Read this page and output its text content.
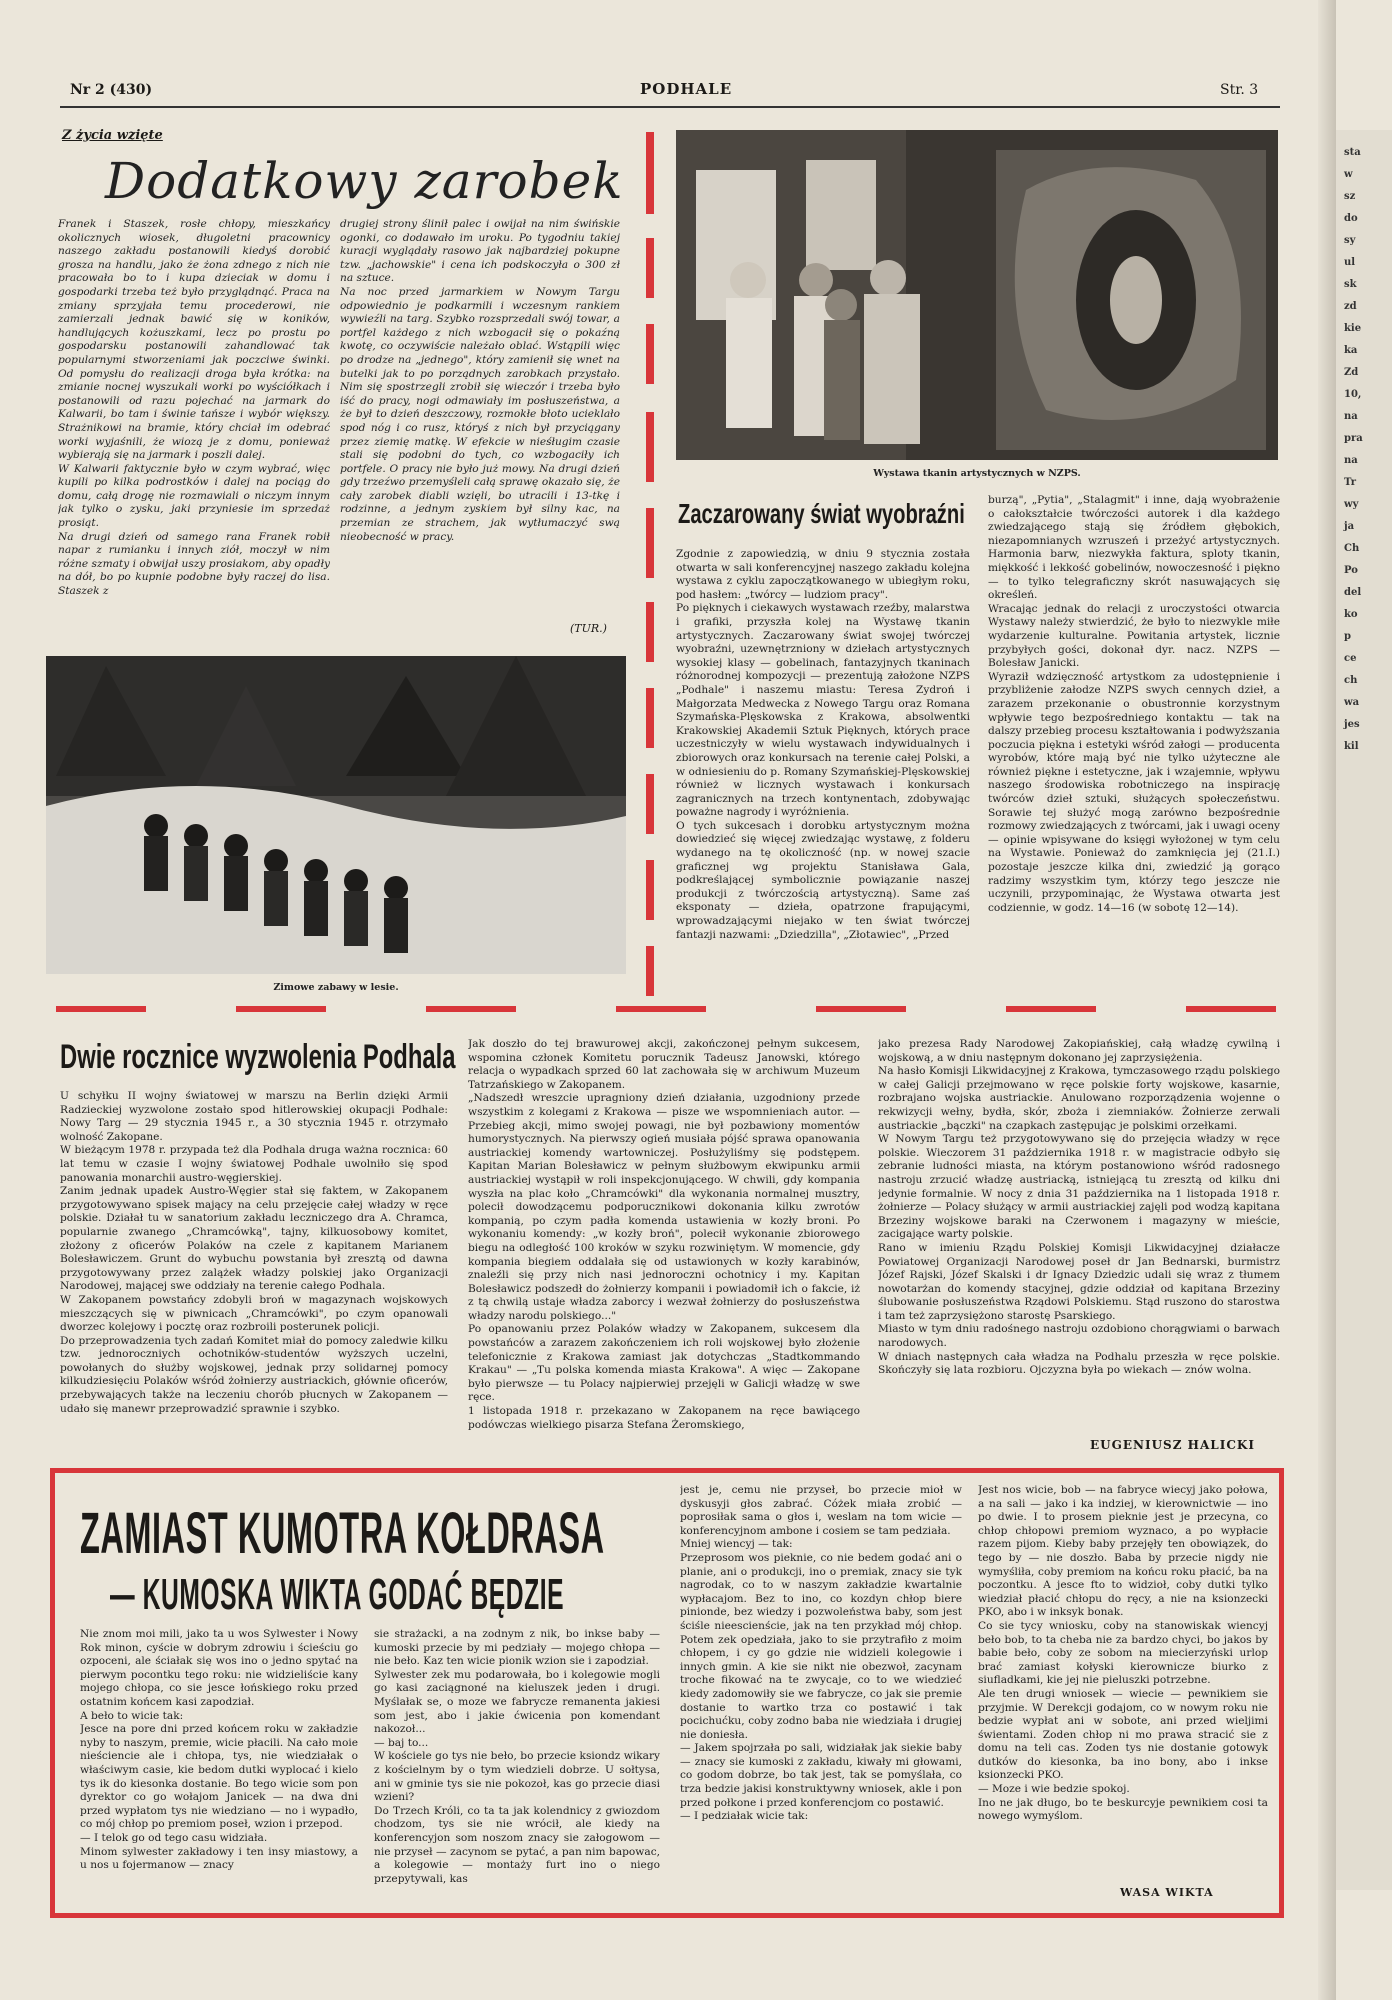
Nr 2 (430)	PODHALE	Str. 3
Z życia wzięte
Dodatkowy zarobek
Franek i Staszek, rosłe chłopy, mieszkańcy okolicznych wiosek, długoletni pracownicy naszego zakładu postanowili kiedyś dorobić grosza na handlu, jako że żona zdnego z nich nie pracowała bo to i kupa dzieciak w domu i gospodarki trzeba też było przyglądnąć. Praca na zmiany sprzyjała temu procederowi, nie zamierzali jednak bawić się w koników, handlujących kożuszkami, lecz po prostu po gospodarsku postanowili zahandlować tak popularnymi stworzeniami jak poczciwe świnki. Od pomysłu do realizacji droga była krótka: na zmianie nocnej wyszukali worki po wyściółkach i postanowili od razu pojechać na jarmark do Kalwarii, bo tam i świnie tańsze i wybór większy. Strażnikowi na bramie, który chciał im odebrać worki wyjaśnili, że wiozą je z domu, ponieważ wybierają się na jarmark i poszli dalej.
W Kalwarii faktycznie było w czym wybrać, więc kupili po kilka podrostków i dalej na pociąg do domu, całą drogę nie rozmawiali o niczym innym jak tylko o zysku, jaki przyniesie im sprzedaż prosiąt.
Na drugi dzień od samego rana Franek robił napar z rumianku i innych ziół, moczył w nim różne szmaty i obwijał uszy prosiakom, aby opadły na dół, bo po kupnie podobne były raczej do lisa. Staszek z
drugiej strony ślinił palec i owijał na nim świńskie ogonki, co dodawało im uroku. Po tygodniu takiej kuracji wyglądały rasowo jak najbardziej pokupne tzw. „jachowskie" i cena ich podskoczyła o 300 zł na sztuce.
Na noc przed jarmarkiem w Nowym Targu odpowiednio je podkarmili i wczesnym rankiem wywieźli na targ. Szybko rozsprzedali swój towar, a portfel każdego z nich wzbogacił się o pokaźną kwotę, co oczywiście należało oblać. Wstąpili więc po drodze na „jednego", który zamienił się wnet na butelki jak to po porządnych zarobkach przystało. Nim się spostrzegli zrobił się wieczór i trzeba było iść do pracy, nogi odmawiały im posłuszeństwa, a że był to dzień deszczowy, rozmokłe błoto ucieklało spod nóg i co rusz, któryś z nich był przyciągany przez ziemię matkę. W efekcie w nieśługim czasie stali się podobni do tych, co wzbogaciły ich portfele. O pracy nie było już mowy. Na drugi dzień gdy trzeźwo przemyśleli całą sprawę okazało się, że cały zarobek diabli wzięli, bo utracili i 13-tkę i rodzinne, a jednym zyskiem był silny kac, na przemian ze strachem, jak wytłumaczyć swą nieobecność w pracy.
(TUR.)
Wystawa tkanin artystycznych w NZPS.
Zaczarowany świat wyobraźni
Zgodnie z zapowiedzią, w dniu 9 stycznia została otwarta w sali konferencyjnej naszego zakładu kolejna wystawa z cyklu zapoczątkowanego w ubiegłym roku, pod hasłem: „twórcy — ludziom pracy".
Po pięknych i ciekawych wystawach rzeźby, malarstwa i grafiki, przyszła kolej na Wystawę tkanin artystycznych. Zaczarowany świat swojej twórczej wyobraźni, uzewnętrzniony w dziełach artystycznych wysokiej klasy — gobelinach, fantazyjnych tkaninach różnorodnej kompozycji — prezentują założone NZPS „Podhale" i naszemu miastu: Teresa Zydroń i Małgorzata Medwecka z Nowego Targu oraz Romana Szymańska-Plęskowska z Krakowa, absolwentki Krakowskiej Akademii Sztuk Pięknych, których prace uczestniczyły w wielu wystawach indywidualnych i zbiorowych oraz konkursach na terenie całej Polski, a w odniesieniu do p. Romany Szymańskiej-Plęskowskiej również w licznych wystawach i konkursach zagranicznych na trzech kontynentach, zdobywając poważne nagrody i wyróżnienia.
O tych sukcesach i dorobku artystycznym można dowiedzieć się więcej zwiedzając wystawę, z folderu wydanego na tę okoliczność (np. w nowej szacie graficznej wg projektu Stanisława Gala, podkreślającej symbolicznie powiązanie naszej produkcji z twórczością artystyczną). Same zaś eksponaty — dzieła, opatrzone frapującymi, wprowadzającymi niejako w ten świat twórczej fantazji nazwami: „Dziedzilla", „Złotawiec", „Przed
burzą", „Pytia", „Stalagmit" i inne, dają wyobrażenie o całokształcie twórczości autorek i dla każdego zwiedzającego stają się źródłem głębokich, niezapomnianych wzruszeń i przeżyć artystycznych. Harmonia barw, niezwykła faktura, sploty tkanin, miękkość i lekkość gobelinów, nowoczesność i piękno — to tylko telegraficzny skrót nasuwających się określeń.
Wracając jednak do relacji z uroczystości otwarcia Wystawy należy stwierdzić, że było to niezwykle miłe wydarzenie kulturalne. Powitania artystek, licznie przybyłych gości, dokonał dyr. nacz. NZPS — Bolesław Janicki.
Wyraził wdzięczność artystkom za udostępnienie i przybliżenie załodze NZPS swych cennych dzieł, a zarazem przekonanie o obustronnie korzystnym wpływie tego bezpośredniego kontaktu — tak na dalszy przebieg procesu kształtowania i podwyższania poczucia piękna i estetyki wśród załogi — producenta wyrobów, które mają być nie tylko użyteczne ale również piękne i estetyczne, jak i wzajemnie, wpływu naszego środowiska robotniczego na inspirację twórców dzieł sztuki, służących społeczeństwu. Sorawie tej służyć mogą zarówno bezpośrednie rozmowy zwiedzających z twórcami, jak i uwagi oceny — opinie wpisywane do księgi wyłożonej w tym celu na Wystawie. Ponieważ do zamknięcia jej (21.I.) pozostaje jeszcze kilka dni, zwiedzić ją gorąco radzimy wszystkim tym, którzy tego jeszcze nie uczynili, przypominając, że Wystawa otwarta jest codziennie, w godz. 14—16 (w sobotę 12—14).
Zimowe zabawy w lesie.
Dwie rocznice wyzwolenia Podhala
U schyłku II wojny światowej w marszu na Berlin dzięki Armii Radzieckiej wyzwolone zostało spod hitlerowskiej okupacji Podhale: Nowy Targ — 29 stycznia 1945 r., a 30 stycznia 1945 r. otrzymało wolność Zakopane.
W bieżącym 1978 r. przypada też dla Podhala druga ważna rocznica: 60 lat temu w czasie I wojny światowej Podhale uwolniło się spod panowania monarchii austro-węgierskiej.
Zanim jednak upadek Austro-Węgier stał się faktem, w Zakopanem przygotowywano spisek mający na celu przejęcie całej władzy w ręce polskie. Działał tu w sanatorium zakładu leczniczego dra A. Chramca, popularnie zwanego „Chramcówką", tajny, kilkuosobowy komitet, złożony z oficerów Polaków na czele z kapitanem Marianem Bolesławiczem. Grunt do wybuchu powstania był zresztą od dawna przygotowywany przez zalążek władzy polskiej jako Organizacji Narodowej, mającej swe oddziały na terenie całego Podhala.
W Zakopanem powstańcy zdobyli broń w magazynach wojskowych mieszczących się w piwnicach „Chramcówki", po czym opanowali dworzec kolejowy i pocztę oraz rozbroili posterunek policji.
Do przeprowadzenia tych zadań Komitet miał do pomocy zaledwie kilku tzw. jednoroczniych ochotników-studentów wyższych uczelni, powołanych do służby wojskowej, jednak przy solidarnej pomocy kilkudziesięciu Polaków wśród żołnierzy austriackich, głównie oficerów, przebywających także na leczeniu chorób płucnych w Zakopanem — udało się manewr przeprowadzić sprawnie i szybko.
Jak doszło do tej brawurowej akcji, zakończonej pełnym sukcesem, wspomina członek Komitetu porucznik Tadeusz Janowski, którego relacja o wypadkach sprzed 60 lat zachowała się w archiwum Muzeum Tatrzańskiego w Zakopanem.
„Nadszedł wreszcie upragniony dzień działania, uzgodniony przede wszystkim z kolegami z Krakowa — pisze we wspomnieniach autor. — Przebieg akcji, mimo swojej powagi, nie był pozbawiony momentów humorystycznych. Na pierwszy ogień musiała pójść sprawa opanowania austriackiej komendy wartowniczej. Posłużyliśmy się podstępem. Kapitan Marian Bolesławicz w pełnym służbowym ekwipunku armii austriackiej wystąpił w roli inspekcjonującego. W chwili, gdy kompania wyszła na plac koło „Chramcówki" dla wykonania normalnej musztry, polecił dowodzącemu podporucznikowi dokonania kilku zwrotów kompanią, po czym padła komenda ustawienia w kozły broni. Po wykonaniu komendy: „w kozły broń", polecił wykonanie zbiorowego biegu na odległość 100 kroków w szyku rozwiniętym. W momencie, gdy kompania biegiem oddalała się od ustawionych w kozły karabinów, znaleźli się przy nich nasi jednoroczni ochotnicy i my. Kapitan Bolesławicz podszedł do żołnierzy kompanii i powiadomił ich o fakcie, iż z tą chwilą ustaje władza zaborcy i wezwał żołnierzy do posłuszeństwa władzy narodu polskiego..."
Po opanowaniu przez Polaków władzy w Zakopanem, sukcesem dla powstańców a zarazem zakończeniem ich roli wojskowej było złożenie telefonicznie z Krakowa zamiast jak dotychczas „Stadtkommando Krakau" — „Tu polska komenda miasta Krakowa". A więc — Zakopane było pierwsze — tu Polacy najpierwiej przejęli w Galicji władzę w swe ręce.
1 listopada 1918 r. przekazano w Zakopanem na ręce bawiącego podówczas wielkiego pisarza Stefana Żeromskiego,
jako prezesa Rady Narodowej Zakopiańskiej, całą władzę cywilną i wojskową, a w dniu następnym dokonano jej zaprzysiężenia.
Na hasło Komisji Likwidacyjnej z Krakowa, tymczasowego rządu polskiego w całej Galicji przejmowano w ręce polskie forty wojskowe, kasarnie, rozbrajano wojska austriackie. Anulowano rozporządzenia wojenne o rekwizycji wełny, bydła, skór, zboża i ziemniaków. Żołnierze zerwali austriackie „bączki" na czapkach zastępując je polskimi orzełkami.
W Nowym Targu też przygotowywano się do przejęcia władzy w ręce polskie. Wieczorem 31 października 1918 r. w magistracie odbyło się zebranie ludności miasta, na którym postanowiono wśród radosnego nastroju zrzucić władzę austriacką, istniejącą tu zresztą od kilku dni jedynie formalnie. W nocy z dnia 31 października na 1 listopada 1918 r. żołnierze — Polacy służący w armii austriackiej zajęli pod wodzą kapitana Brzeziny wojskowe baraki na Czerwonem i magazyny w mieście, zacigające warty polskie.
Rano w imieniu Rządu Polskiej Komisji Likwidacyjnej działacze Powiatowej Organizacji Narodowej poseł dr Jan Bednarski, burmistrz Józef Rajski, Józef Skalski i dr Ignacy Dziedzic udali się wraz z tłumem nowotarżan do komendy stacyjnej, gdzie oddział od kapitana Brzeziny ślubowanie posłuszeństwa Rządowi Polskiemu. Stąd ruszono do starostwa i tam też zaprzysiężono starostę Psarskiego.
Miasto w tym dniu radośnego nastroju ozdobiono chorągwiami o barwach narodowych.
W dniach następnych cała władza na Podhalu przeszła w ręce polskie. Skończyły się lata rozbioru. Ojczyzna była po wiekach — znów wolna.
EUGENIUSZ HALICKI
ZAMIAST KUMOTRA KOŁDRASA
— KUMOSKA WIKTA GODAĆ BĘDZIE
Nie znom moi mili, jako ta u wos Sylwester i Nowy Rok minon, cyście w dobrym zdrowiu i ścieściu go ozpoceni, ale ściałak się wos ino o jedno spytać na pierwym pocontku tego roku: nie widzieliście kany mojego chłopa, co sie jesce łońskiego roku przed ostatnim końcem kasi zapodział.
A beło to wicie tak:
Jesce na pore dni przed końcem roku w zakładzie nyby to naszym, premie, wicie płacili. Na cało moie nieściencie ale i chłopa, tys, nie wiedziałak o właściwym casie, kie bedom dutki wyplocać i kielo tys ik do kiesonka dostanie. Bo tego wicie som pon dyrektor co go wołajom Janicek — na dwa dni przed wypłatom tys nie wiedziano — no i wypadło, co mój chłop po premiom poseł, wzion i przepod.
— I telok go od tego casu widziała.
Minom sylwester zakładowy i ten insy miastowy, a u nos u fojermanow — znacy
sie strażacki, a na zodnym z nik, bo inkse baby — kumoski przecie by mi pedziały — mojego chłopa — nie beło. Kaz ten wicie pionik wzion sie i zapodział.
Sylwester zek mu podarowała, bo i kolegowie mogli go kasi zaciągnoné na kieluszek jeden i drugi. Myślałak se, o moze we fabrycze remanenta jakiesi som jest, abo i jakie ćwicenia pon komendant nakozoł...
— baj to...
W kościele go tys nie beło, bo przecie ksiondz wikary z kościelnym by o tym wiedzieli dobrze. U sołtysa, ani w gminie tys sie nie pokozoł, kas go przecie diasi wzieni?
Do Trzech Króli, co ta ta jak kolendnicy z gwiozdom chodzom, tys sie nie wrócił, ale kiedy na konferencyjon som noszom znacy sie załogowom — nie przyseł — zacynom se pytać, a pan nim bapowac, a kolegowie — montaży furt ino o niego przepytywali, kas
jest je, cemu nie przyseł, bo przecie mioł w dyskusyji głos zabrać. Cóżek miała zrobić — poprosiłak sama o głos i, weslam na tom wicie — konferencyjnom ambone i cosiem se tam pedziała.
Mniej wiencyj — tak:
Przeprosom wos pieknie, co nie bedem godać ani o planie, ani o produkcji, ino o premiak, znacy sie tyk nagrodak, co to w naszym zakładzie kwartalnie wypłacajom. Bez to ino, co kozdyn chłop biere pinionde, bez wiedzy i pozwoleństwa baby, som jest ściśle nieescienście, jak na ten przykład mój chłop. Potem zek opedziała, jako to sie przytrafiło z moim chłopem, i cy go gdzie nie widzieli kolegowie i innych gmin. A kie sie nikt nie obezwoł, zacynam troche fikować na te zwycaje, co to we wiedzieć kiedy zadomowiły sie we fabrycze, co jak sie premie dostanie to wartko trza co postawić i tak pocichućku, coby zodno baba nie wiedziała i drugiej nie doniesła.
— Jakem spojrzała po sali, widziałak jak siekie baby — znacy sie kumoski z zakładu, kiwały mi głowami, co godom dobrze, bo tak jest, tak se pomyślała, co trza bedzie jakisi konstruktywny wniosek, akle i pon przed połkone i przed konferencjom co postawić.
— I pedziałak wicie tak:
Jest nos wicie, bob — na fabryce wiecyj jako połowa, a na sali — jako i ka indziej, w kierownictwie — ino po dwie. I to prosem pieknie jest je przecyna, co chłop chłopowi premiom wyznaco, a po wypłacie razem pijom. Kieby baby przejęły ten obowiązek, do tego by — nie doszło. Baba by przecie nigdy nie wymyśliła, coby premiom na końcu roku płacić, ba na poczontku. A jesce fto to widzioł, coby dutki tylko wiedział płacić chłopu do ręcy, a nie na ksionzecki PKO, abo i w inksyk bonak.
Co sie tycy wniosku, coby na stanowiskak wiencyj beło bob, to ta cheba nie za bardzo chyci, bo jakos by babie beło, coby ze sobom na miecierzyński urlop brać zamiast kołyski kierownicze biurko z siufladkami, kie jej nie pieluszki potrzebne.
Ale ten drugi wniosek — wiecie — pewnikiem sie przyjmie. W Derekcji godajom, co w nowym roku nie bedzie wypłat ani w sobote, ani przed wieljimi świentami. Zoden chłop ni mo prawa stracić sie z domu na teli cas. Zoden tys nie dostanie gotowyk dutków do kiesonka, ba ino bony, abo i inkse ksionzecki PKO.
— Moze i wie bedzie spokoj.
Ino ne jak długo, bo te beskurcyje pewnikiem cosi ta nowego wymyślom.
WASA WIKTA
sta
w
sz
do
sy
ul
sk
zd
kie
ka
Zd
10,
na
pra
na
Tr
wy
ja
Ch
Po
del
ko
p
ce
ch
wa
jes
kil
